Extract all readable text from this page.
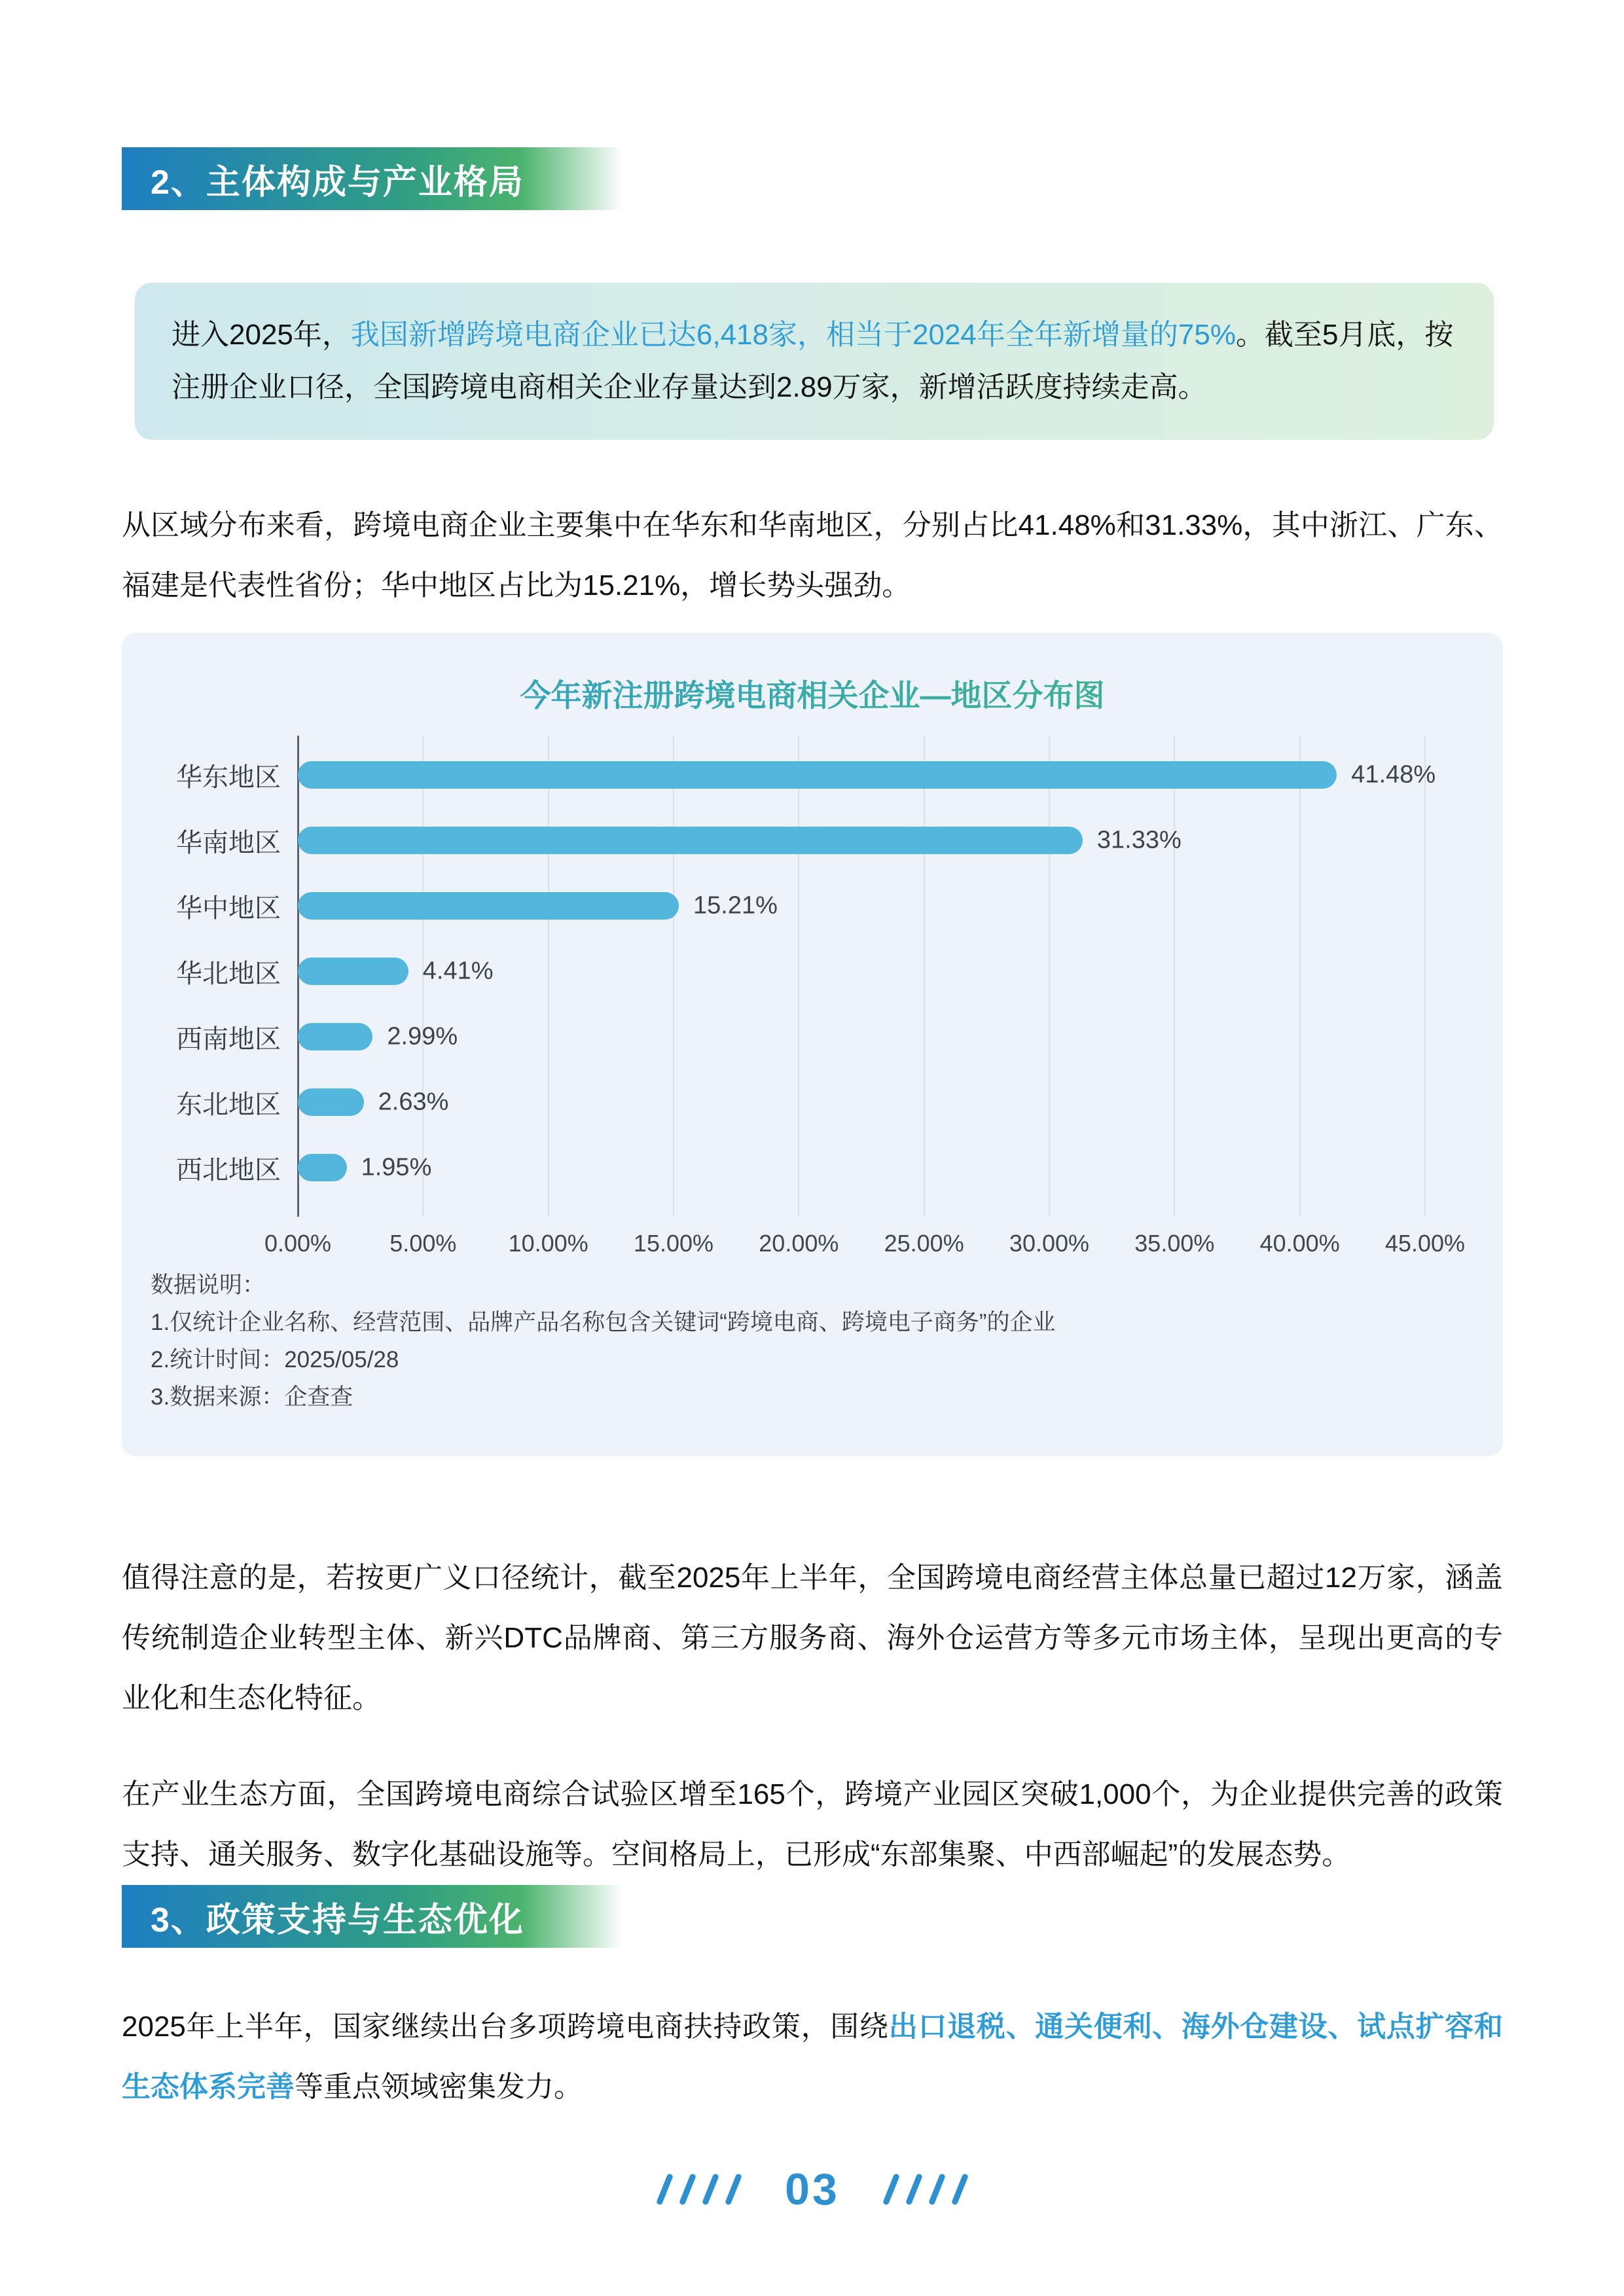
2、主体构成与产业格局

进入2025年，我国新增跨境电商企业已达6,418家，相当于2024年全年新增量的75%。截至5月底，按注册企业口径，全国跨境电商相关企业存量达到2.89万家，新增活跃度持续走高。

从区域分布来看，跨境电商企业主要集中在华东和华南地区，分别占比41.48%和31.33%，其中浙江、广东、福建是代表性省份；华中地区占比为15.21%，增长势头强劲。

今年新注册跨境电商相关企业—地区分布图
华东地区	41.48%
华南地区	31.33%
华中地区	15.21%
华北地区	4.41%
西南地区	2.99%
东北地区	2.63%
西北地区	1.95%
0.00% 5.00% 10.00% 15.00% 20.00% 25.00% 30.00% 35.00% 40.00% 45.00%
数据说明：
1.仅统计企业名称、经营范围、品牌产品名称包含关键词“跨境电商、跨境电子商务”的企业
2.统计时间：2025/05/28
3.数据来源：企查查

值得注意的是，若按更广义口径统计，截至2025年上半年，全国跨境电商经营主体总量已超过12万家，涵盖传统制造企业转型主体、新兴DTC品牌商、第三方服务商、海外仓运营方等多元市场主体，呈现出更高的专业化和生态化特征。

在产业生态方面，全国跨境电商综合试验区增至165个，跨境产业园区突破1,000个，为企业提供完善的政策支持、通关服务、数字化基础设施等。空间格局上，已形成“东部集聚、中西部崛起”的发展态势。

3、政策支持与生态优化

2025年上半年，国家继续出台多项跨境电商扶持政策，围绕出口退税、通关便利、海外仓建设、试点扩容和生态体系完善等重点领域密集发力。

03
